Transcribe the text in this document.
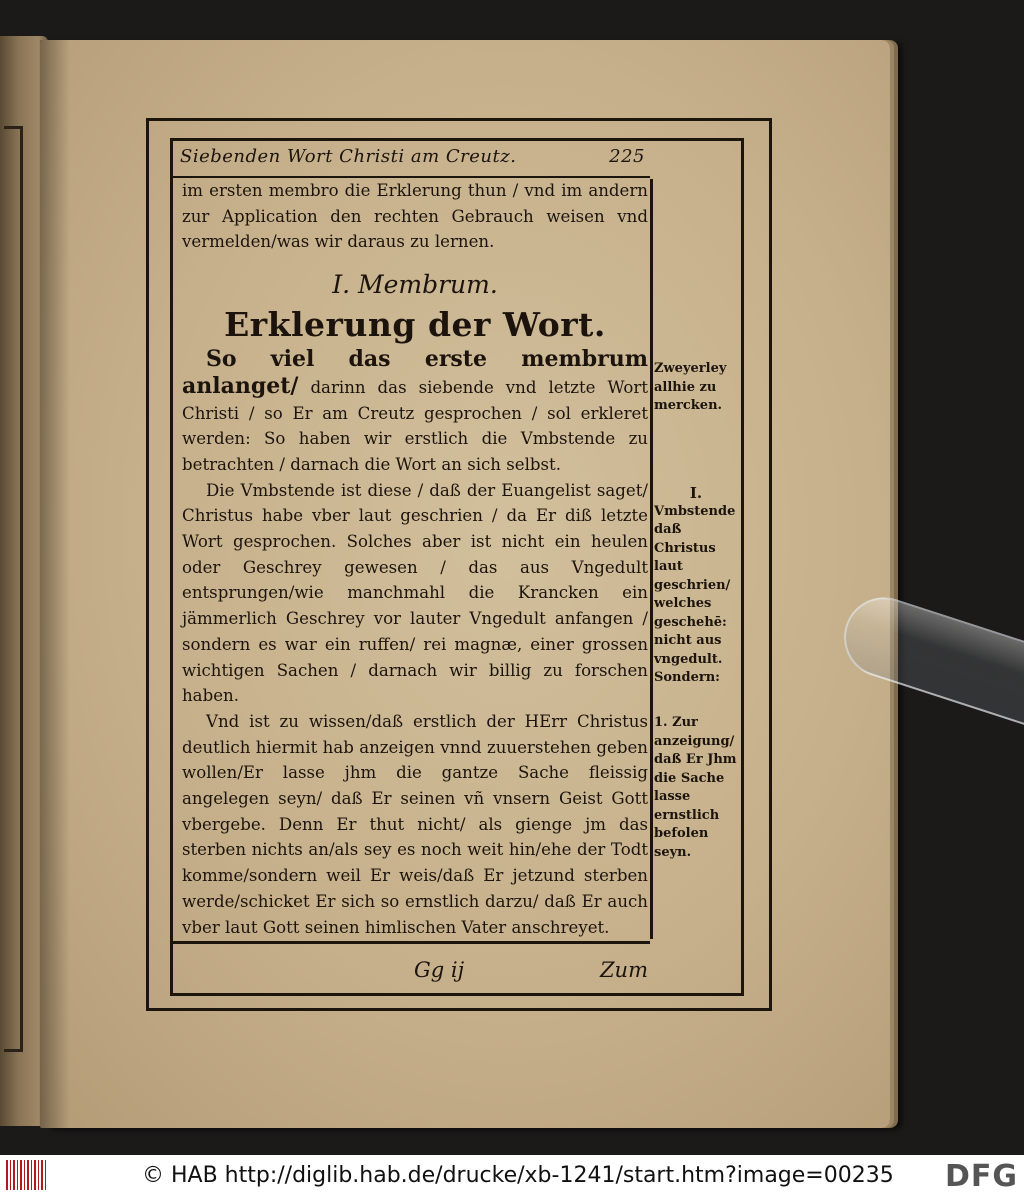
Siebenden Wort Christi am Creutz.	225

im ersten membro die Erklerung thun / vnd im andern zur Application den rechten Gebrauch weisen vnd vermelden/was wir daraus zu lernen.

I. Membrum.

Erklerung der Wort.

So viel das erste membrum anlanget/ darinn das siebende vnd letzte Wort Christi / so Er am Creutz gesprochen / sol erkleret werden: So haben wir erstlich die Vmbstende zu betrachten / darnach die Wort an sich selbst.

Die Vmbstende ist diese / daß der Euangelist saget/ Christus habe vber laut geschrien / da Er diß letzte Wort gesprochen. Solches aber ist nicht ein heulen oder Geschrey gewesen / das aus Vngedult entsprungen/wie manchmahl die Krancken ein jämmerlich Geschrey vor lauter Vngedult anfangen / sondern es war ein ruffen/ rei magnæ, einer grossen wichtigen Sachen / darnach wir billig zu forschen haben.

Vnd ist zu wissen/daß erstlich der HErr Christus deutlich hiermit hab anzeigen vnnd zuuerstehen geben wollen/Er lasse jhm die gantze Sache fleissig angelegen seyn/ daß Er seinen vñ vnsern Geist Gott vbergebe. Denn Er thut nicht/ als gienge jm das sterben nichts an/als sey es noch weit hin/ehe der Todt komme/sondern weil Er weis/daß Er jetzund sterben werde/schicket Er sich so ernstlich darzu/ daß Er auch vber laut Gott seinen himlischen Vater anschreyet.

Zweyerley allhie zu mercken.
I.
Vmbstende daß Christus laut geschrien/ welches geschehē: nicht aus vngedult. Sondern:
1. Zur anzeigung/ daß Er Jhm die Sache lasse ernstlich befolen seyn.
Gg ij	Zum
© HAB http://diglib.hab.de/drucke/xb-1241/start.htm?image=00235 DFG
